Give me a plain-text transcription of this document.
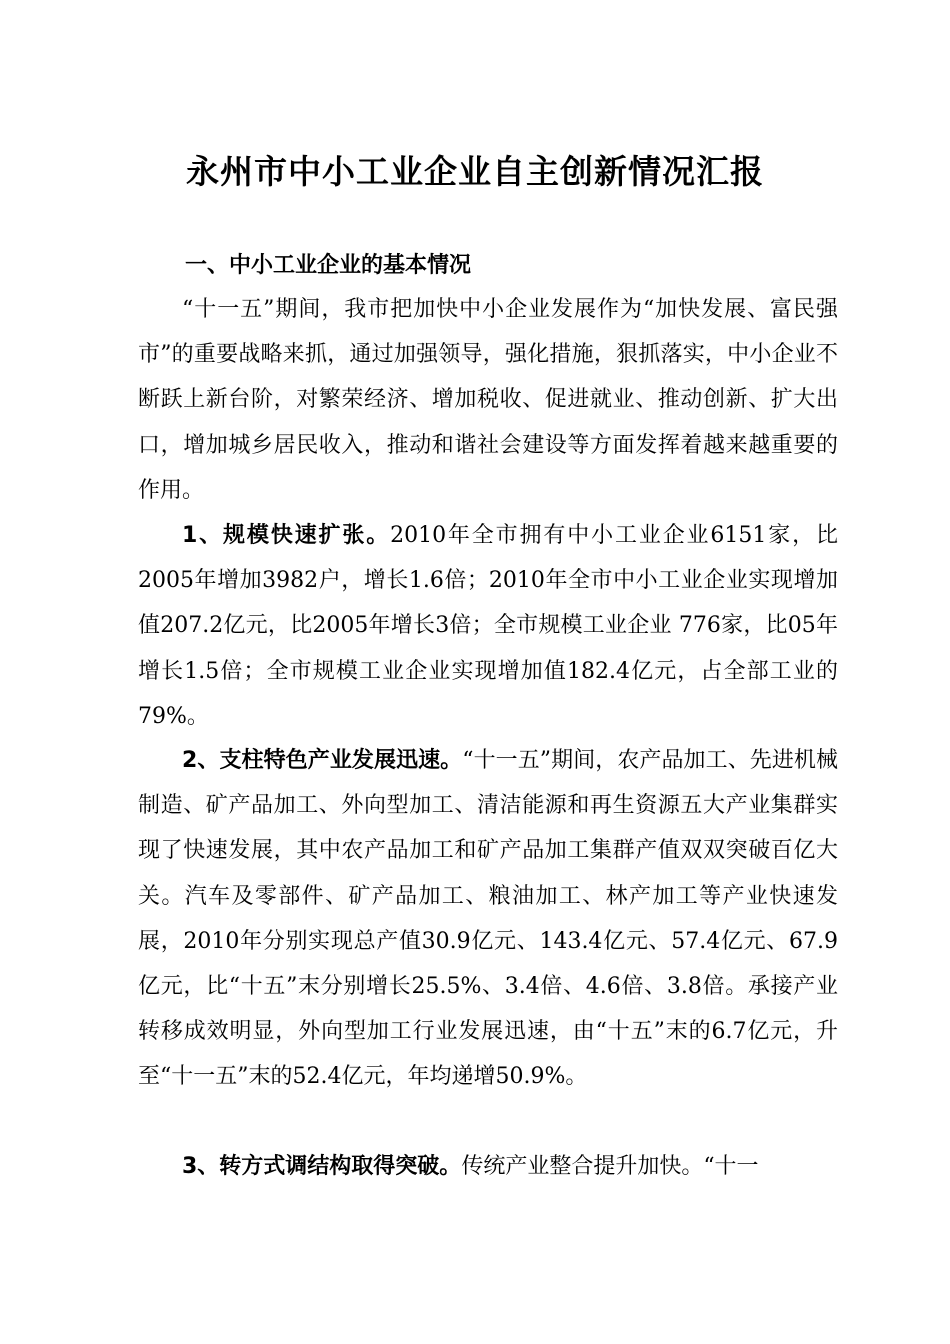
永州市中小工业企业自主创新情况汇报
一、中小工业企业的基本情况

“十一五”期间，我市把加快中小企业发展作为“加快发展、富民强市”的重要战略来抓，通过加强领导，强化措施，狠抓落实，中小企业不断跃上新台阶，对繁荣经济、增加税收、促进就业、推动创新、扩大出口，增加城乡居民收入，推动和谐社会建设等方面发挥着越来越重要的作用。

1、规模快速扩张。2010年全市拥有中小工业企业6151家，比2005年增加3982户，增长1.6倍；2010年全市中小工业企业实现增加值207.2亿元，比2005年增长3倍；全市规模工业企业 776家，比05年增长1.5倍；全市规模工业企业实现增加值182.4亿元，占全部工业的79%。

2、支柱特色产业发展迅速。“十一五”期间，农产品加工、先进机械制造、矿产品加工、外向型加工、清洁能源和再生资源五大产业集群实现了快速发展，其中农产品加工和矿产品加工集群产值双双突破百亿大关。汽车及零部件、矿产品加工、粮油加工、林产加工等产业快速发展，2010年分别实现总产值30.9亿元、143.4亿元、57.4亿元、67.9亿元，比“十五”末分别增长25.5%、3.4倍、4.6倍、3.8倍。承接产业转移成效明显，外向型加工行业发展迅速，由“十五”末的6.7亿元，升至“十一五”末的52.4亿元，年均递增50.9%。

3、转方式调结构取得突破。传统产业整合提升加快。“十一
